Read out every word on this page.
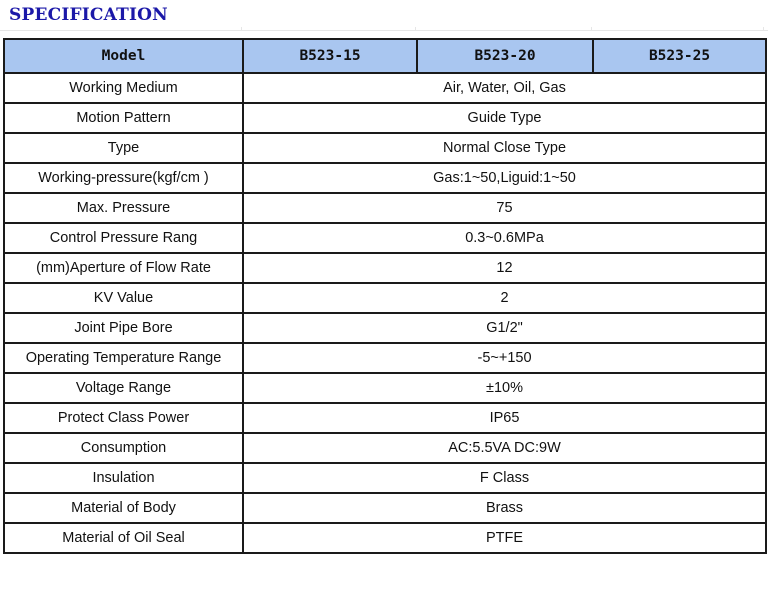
SPECIFICATION
Model	B523-15	B523-20	B523-25
Working Medium	Air, Water, Oil, Gas		
Motion Pattern	Guide Type		
Type	Normal Close Type		
Working-pressure(kgf/cm )	Gas:1~50,Liguid:1~50		
Max. Pressure	75		
Control Pressure Rang	0.3~0.6MPa		
(mm)Aperture of Flow Rate	12		
KV Value	2		
Joint Pipe Bore	G1/2"		
Operating Temperature Range	-5~+150		
Voltage Range	±10%		
Protect Class Power	IP65		
Consumption	AC:5.5VA DC:9W		
Insulation	F Class		
Material of Body	Brass		
Material of Oil Seal	PTFE		
